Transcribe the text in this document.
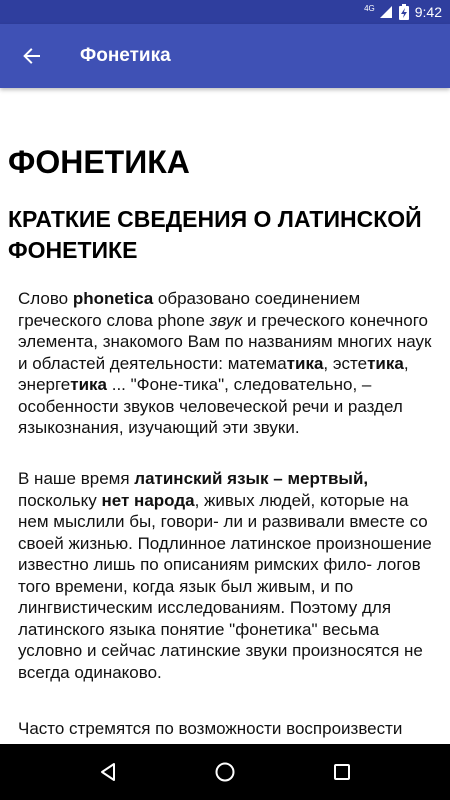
4G	9:42
Фонетика
ФОНЕТИКА
КРАТКИЕ СВЕДЕНИЯ О ЛАТИНСКОЙ ФОНЕТИКЕ

Слово phonetica образовано соединением греческого слова phone звук и греческого конечного элемента, знакомого Вам по названиям многих наук и областей деятельности: математика, эстетика, энергетика ... "Фоне-тика", следовательно, – особенности звуков человеческой речи и раздел языкознания, изучающий эти звуки.

В наше время латинский язык – мертвый, поскольку нет народа, живых людей, которые на нем мыслили бы, говори- ли и развивали вместе со своей жизнью. Подлинное латинское произношение известно лишь по описаниям римских фило- логов того времени, когда язык был живым, и по лингвистическим исследованиям. Поэтому для латинского языка понятие "фонетика" весьма условно и сейчас латинские звуки произносятся не всегда одинаково.

Часто стремятся по возможности воспроизвести
